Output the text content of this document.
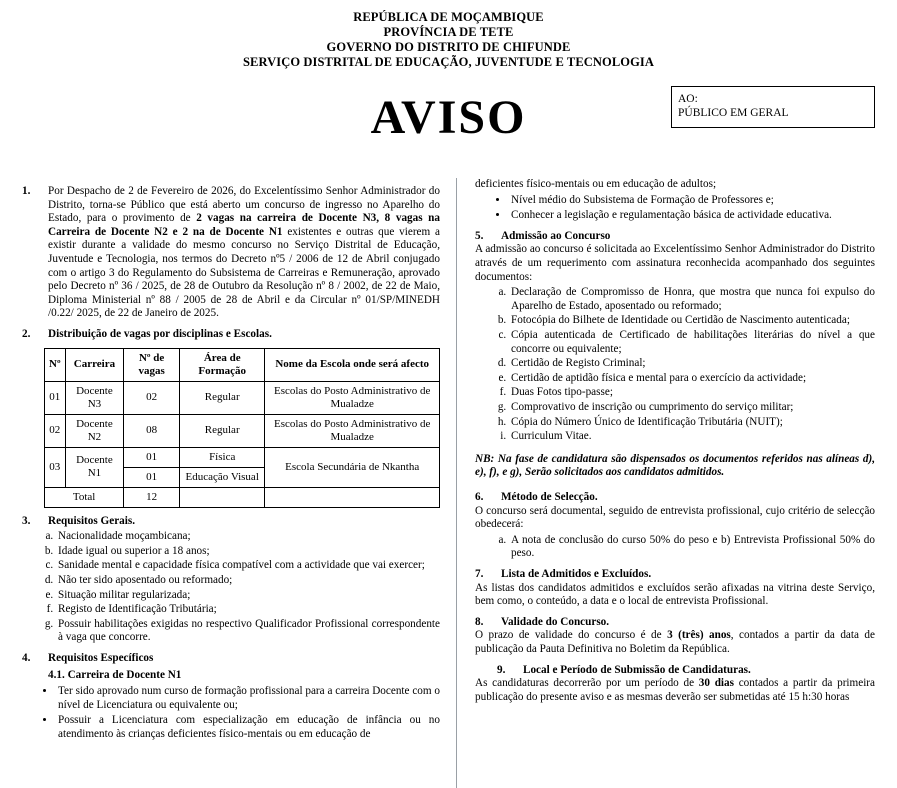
REPÚBLICA DE MOÇAMBIQUE
PROVÍNCIA DE TETE
GOVERNO DO DISTRITO DE CHIFUNDE
SERVIÇO DISTRITAL DE EDUCAÇÃO, JUVENTUDE E TECNOLOGIA
AVISO	AO:
PÚBLICO EM GERAL
1.	Por Despacho de 2 de Fevereiro de 2026, do Excelentíssimo Senhor Administrador do Distrito, torna-se Público que está aberto um concurso de ingresso no Aparelho do Estado, para o provimento de 2 vagas na carreira de Docente N3, 8 vagas na Carreira de Docente N2 e 2 na de Docente N1 existentes e outras que vierem a existir durante a validade do mesmo concurso no Serviço Distrital de Educação, Juventude e Tecnologia, nos termos do Decreto nº5 / 2006 de 12 de Abril conjugado com o artigo 3 do Regulamento do Subsistema de Carreiras e Remuneração, aprovado pelo Decreto nº 36 / 2025, de 28 de Outubro da Resolução nº 8 / 2002, de 22 de Maio, Diploma Ministerial nº 88 / 2005 de 28 de Abril e da Circular nº 01/SP/MINEDH /0.22/ 2025, de 22 de Janeiro de 2025.

2.	Distribuição de vagas por disciplinas e Escolas.
Nº	Carreira	Nº de vagas	Área de Formação	Nome da Escola onde será afecto
01	Docente N3	02	Regular	Escolas do Posto Administrativo de Mualadze
02	Docente N2	08	Regular	Escolas do Posto Administrativo de Mualadze
03	Docente N1	01	Física	Escola Secundária de Nkantha
		01	Educação Visual	
Total		12		
3.	Requisitos Gerais.
a. Nacionalidade moçambicana;
b. Idade igual ou superior a 18 anos;
c. Sanidade mental e capacidade física compatível com a actividade que vai exercer;
d. Não ter sido aposentado ou reformado;
e. Situação militar regularizada;
f. Registo de Identificação Tributária;
g. Possuir habilitações exigidas no respectivo Qualificador Profissional correspondente à vaga que concorre.
4.	Requisitos Específicos
4.1. Carreira de Docente N1
• Ter sido aprovado num curso de formação profissional para a carreira Docente com o nível de Licenciatura ou equivalente ou;
• Possuir a Licenciatura com especialização em educação de infância ou no atendimento às crianças deficientes físico-mentais ou em educação de

deficientes físico-mentais ou em educação de adultos;

• Nível médio do Subsistema de Formação de Professores e;
• Conhecer a legislação e regulamentação básica de actividade educativa.
5.	Admissão ao Concurso

A admissão ao concurso é solicitada ao Excelentíssimo Senhor Administrador do Distrito através de um requerimento com assinatura reconhecida acompanhado dos seguintes documentos:

a. Declaração de Compromisso de Honra, que mostra que nunca foi expulso do Aparelho de Estado, aposentado ou reformado;
b. Fotocópia do Bilhete de Identidade ou Certidão de Nascimento autenticada;
c. Cópia autenticada de Certificado de habilitações literárias do nível a que concorre ou equivalente;
d. Certidão de Registo Criminal;
e. Certidão de aptidão física e mental para o exercício da actividade;
f. Duas Fotos tipo-passe;
g. Comprovativo de inscrição ou cumprimento do serviço militar;
h. Cópia do Número Único de Identificação Tributária (NUIT);
i. Curriculum Vitae.

NB: Na fase de candidatura são dispensados os documentos referidos nas alíneas d), e), f), e g), Serão solicitados aos candidatos admitidos.

6.	Método de Selecção.

O concurso será documental, seguido de entrevista profissional, cujo critério de selecção obedecerá:

a. A nota de conclusão do curso 50% do peso e b) Entrevista Profissional 50% do peso.
7.	Lista de Admitidos e Excluídos.

As listas dos candidatos admitidos e excluídos serão afixadas na vitrina deste Serviço, bem como, o conteúdo, a data e o local de entrevista Profissional.

8.	Validade do Concurso.

O prazo de validade do concurso é de 3 (três) anos, contados a partir da data de publicação da Pauta Definitiva no Boletim da República.

9.	Local e Período de Submissão de Candidaturas.

As candidaturas decorrerão por um período de 30 dias contados a partir da primeira publicação do presente aviso e as mesmas deverão ser submetidas até 15 h:30 horas
